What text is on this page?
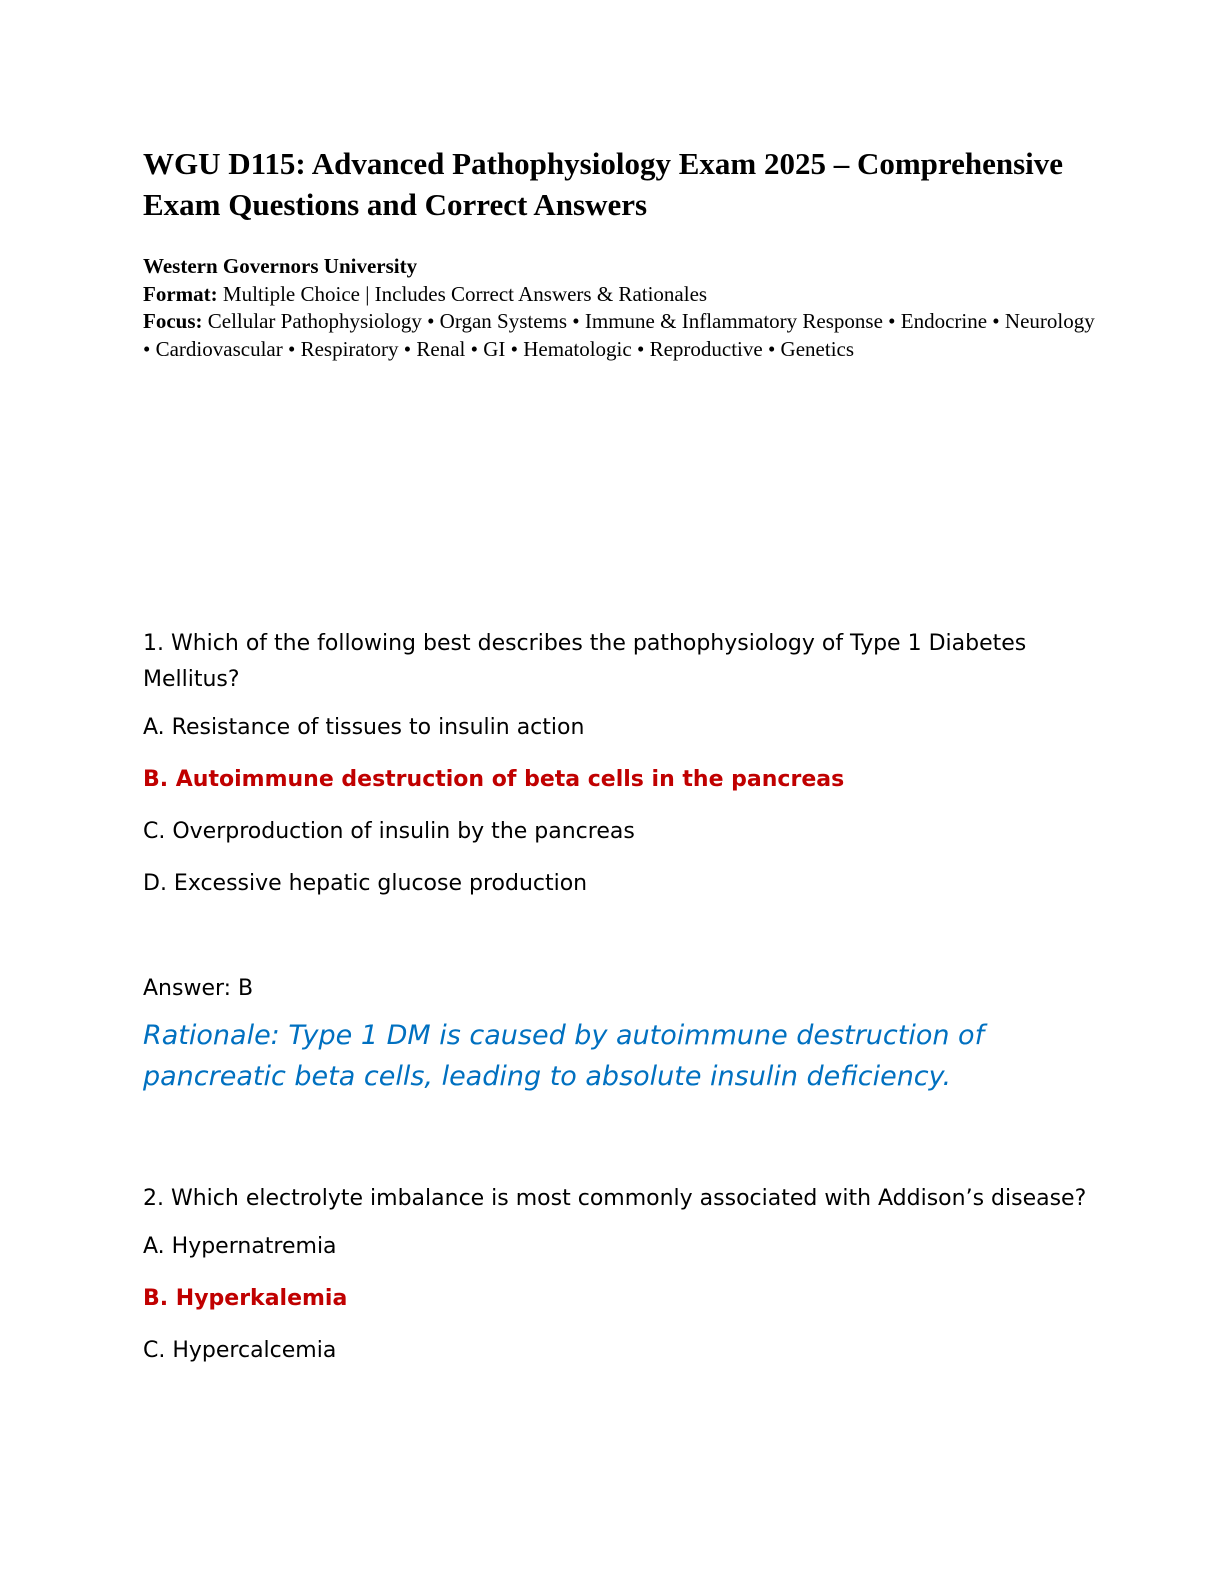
WGU D115: Advanced Pathophysiology Exam 2025 – Comprehensive Exam Questions and Correct Answers
Western Governors University
Format: Multiple Choice | Includes Correct Answers & Rationales
Focus: Cellular Pathophysiology • Organ Systems • Immune & Inflammatory Response • Endocrine • Neurology • Cardiovascular • Respiratory • Renal • GI • Hematologic • Reproductive • Genetics

1. Which of the following best describes the pathophysiology of Type 1 Diabetes Mellitus?

A. Resistance of tissues to insulin action

B. Autoimmune destruction of beta cells in the pancreas

C. Overproduction of insulin by the pancreas

D. Excessive hepatic glucose production

Answer: B

Rationale: Type 1 DM is caused by autoimmune destruction of pancreatic beta cells, leading to absolute insulin deficiency.

2. Which electrolyte imbalance is most commonly associated with Addison’s disease?

A. Hypernatremia

B. Hyperkalemia

C. Hypercalcemia
